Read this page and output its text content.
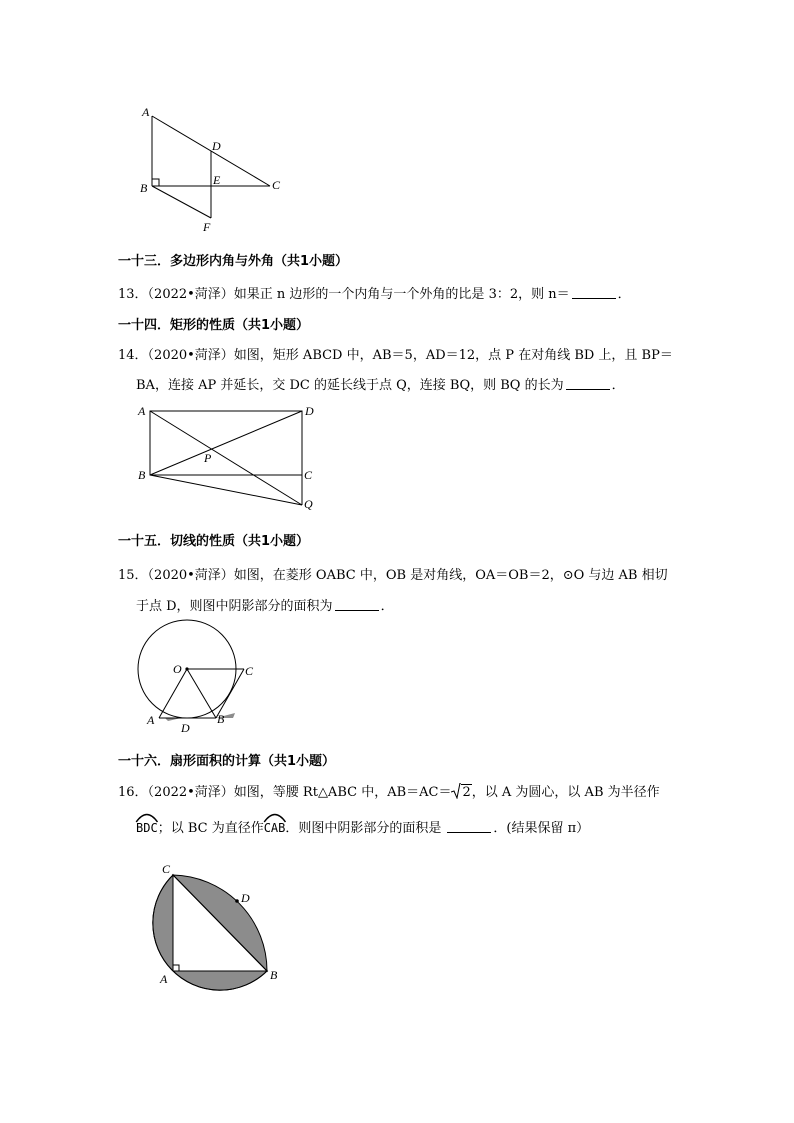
A
B	C
D
E
F
一十三．多边形内角与外角（共1小题）
13．（2022•菏泽）如果正 n 边形的一个内角与一个外角的比是 3：2，则 n＝	．
一十四．矩形的性质（共1小题）
14．（2020•菏泽）如图，矩形 ABCD 中，AB＝5，AD＝12，点 P 在对角线 BD 上，且 BP＝
BA，连接 AP 并延长，交 DC 的延长线于点 Q，连接 BQ，则 BQ 的长为	．
A
B	C
D
P
Q
一十五．切线的性质（共1小题）
15．（2020•菏泽）如图，在菱形 OABC 中，OB 是对角线，OA＝OB＝2，⊙O 与边 AB 相切
于点 D，则图中阴影部分的面积为	．
O	C
A
D
B
一十六．扇形面积的计算（共1小题）
16．（2022•菏泽）如图，等腰 Rt△ABC 中，AB＝AC＝ 2，以 A 为圆心，以 AB 为半径作
BDC；以 BC 为直径作
CAB．则图中阴影部分的面积是	．(结果保留 π）
C
D
A	B
